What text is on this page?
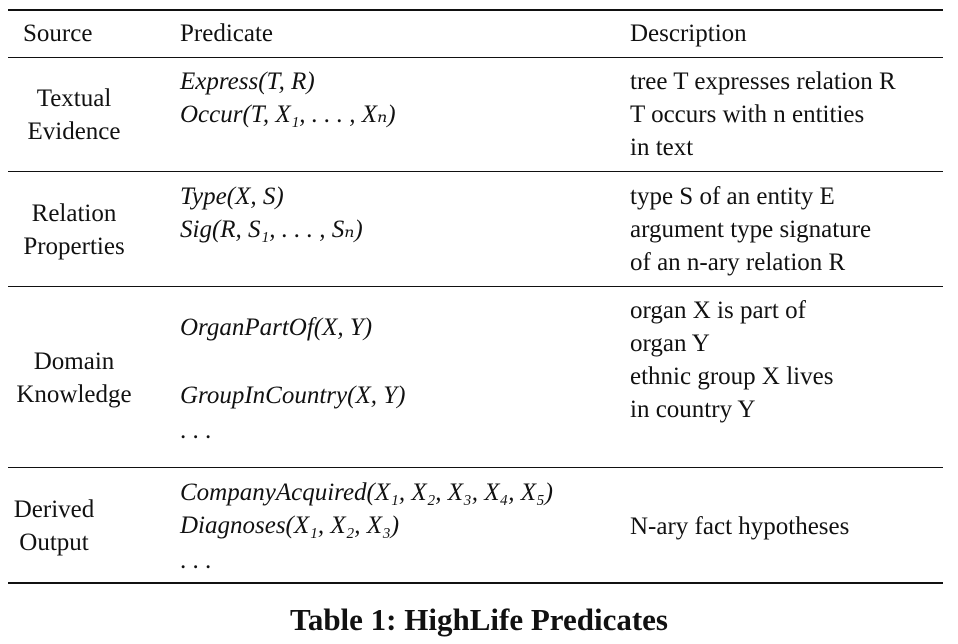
Source	Predicate	Description
Textual
Evidence
Express(T, R)
Occur(T, X₁, . . . , Xₙ)
tree T expresses relation R
T occurs with n entities
in text
Relation
Properties
Type(X, S)
Sig(R, S₁, . . . , Sₙ)
type S of an entity E
argument type signature
of an n-ary relation R
Domain
Knowledge
OrganPartOf(X, Y)
GroupInCountry(X, Y)
. . .
organ X is part of
organ Y
ethnic group X lives
in country Y
Derived
Output
CompanyAcquired(X₁, X₂, X₃, X₄, X₅)
Diagnoses(X₁, X₂, X₃)
. . .
N-ary fact hypotheses
Table 1: HighLife Predicates
